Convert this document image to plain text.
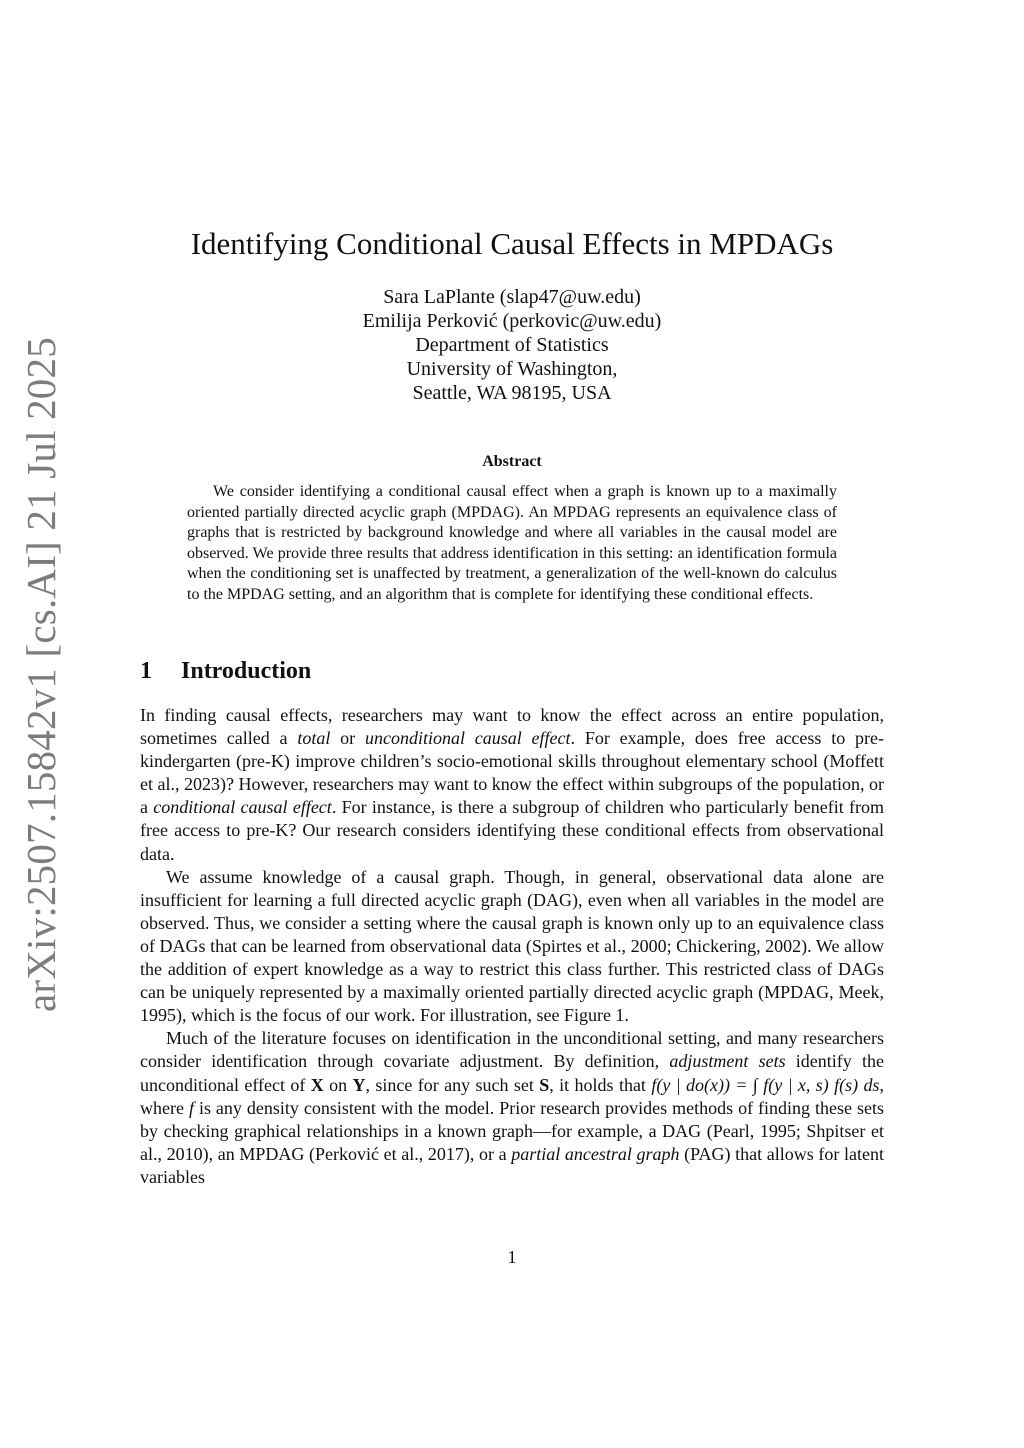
arXiv:2507.15842v1 [cs.AI] 21 Jul 2025
Identifying Conditional Causal Effects in MPDAGs
Sara LaPlante (slap47@uw.edu)
Emilija Perković (perkovic@uw.edu)
Department of Statistics
University of Washington,
Seattle, WA 98195, USA
Abstract

We consider identifying a conditional causal effect when a graph is known up to a maximally oriented partially directed acyclic graph (MPDAG). An MPDAG represents an equivalence class of graphs that is restricted by background knowledge and where all variables in the causal model are observed. We provide three results that address identification in this setting: an identification formula when the conditioning set is unaffected by treatment, a generalization of the well-known do calculus to the MPDAG setting, and an algorithm that is complete for identifying these conditional effects.

1 Introduction

In finding causal effects, researchers may want to know the effect across an entire population, sometimes called a total or unconditional causal effect. For example, does free access to pre-kindergarten (pre-K) improve children’s socio-emotional skills throughout elementary school (Moffett et al., 2023)? However, researchers may want to know the effect within subgroups of the population, or a conditional causal effect. For instance, is there a subgroup of children who particularly benefit from free access to pre-K? Our research considers identifying these conditional effects from observational data.

We assume knowledge of a causal graph. Though, in general, observational data alone are insufficient for learning a full directed acyclic graph (DAG), even when all variables in the model are observed. Thus, we consider a setting where the causal graph is known only up to an equivalence class of DAGs that can be learned from observational data (Spirtes et al., 2000; Chickering, 2002). We allow the addition of expert knowledge as a way to restrict this class further. This restricted class of DAGs can be uniquely represented by a maximally oriented partially directed acyclic graph (MPDAG, Meek, 1995), which is the focus of our work. For illustration, see Figure 1.

Much of the literature focuses on identification in the unconditional setting, and many researchers consider identification through covariate adjustment. By definition, adjustment sets identify the unconditional effect of X on Y, since for any such set S, it holds that f(y | do(x)) = ∫ f(y | x, s) f(s) ds, where f is any density consistent with the model. Prior research provides methods of finding these sets by checking graphical relationships in a known graph—for example, a DAG (Pearl, 1995; Shpitser et al., 2010), an MPDAG (Perković et al., 2017), or a partial ancestral graph (PAG) that allows for latent variables

1
